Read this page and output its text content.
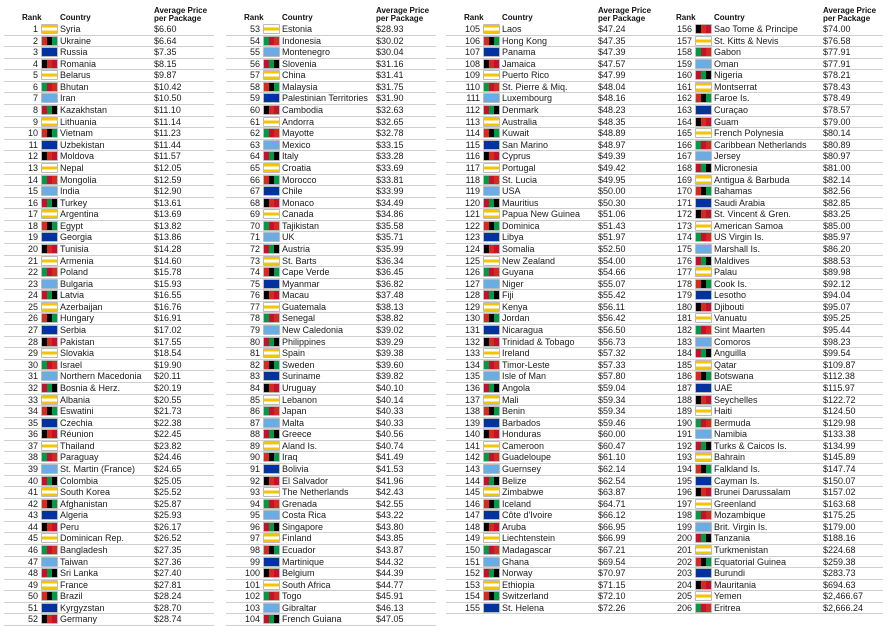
Rank Country
Average Price
per Package
1 Syria	$6.60
2 Ukraine	$6.64
3 Russia	$7.35
4 Romania	$8.15
5 Belarus	$9.87
6 Bhutan	$10.42
7 Iran	$10.50
8 Kazakhstan	$11.10
9 Lithuania	$11.14
10 Vietnam	$11.23
11 Uzbekistan	$11.44
12 Moldova	$11.57
13 Nepal	$12.05
14 Mongolia	$12.59
15 India	$12.90
16 Turkey	$13.61
17 Argentina	$13.69
18 Egypt	$13.82
19 Georgia	$13.86
20 Tunisia	$14.28
21 Armenia	$14.60
22 Poland	$15.78
23 Bulgaria	$15.93
24 Latvia	$16.55
25 Azerbaijan	$16.76
26 Hungary	$16.91
27 Serbia	$17.02
28 Pakistan	$17.55
29 Slovakia	$18.54
30 Israel	$19.90
31 Northern Macedonia	$20.11
32 Bosnia & Herz.	$20.19
33 Albania	$20.55
34 Eswatini	$21.73
35 Czechia	$22.38
36 Réunion	$22.45
37 Thailand	$23.82
38 Paraguay	$24.46
39 St. Martin (France)	$24.65
40 Colombia	$25.05
41 South Korea	$25.52
42 Afghanistan	$25.87
43 Algeria	$25.93
44 Peru	$26.17
45 Dominican Rep.	$26.52
46 Bangladesh	$27.35
47 Taiwan	$27.36
48 Sri Lanka	$27.40
49 France	$27.81
50 Brazil	$28.24
51 Kyrgyzstan	$28.70
52 Germany	$28.74
Rank Country
Average Price
per Package
53 Estonia	$28.93
54 Indonesia	$30.02
55 Montenegro	$30.04
56 Slovenia	$31.16
57 China	$31.41
58 Malaysia	$31.75
59 Palestinian Territories $31.90
60 Cambodia	$32.63
61 Andorra	$32.65
62 Mayotte	$32.78
63 Mexico	$33.15
64 Italy	$33.28
65 Croatia	$33.69
66 Morocco	$33.81
67 Chile	$33.99
68 Monaco	$34.49
69 Canada	$34.86
70 Tajikistan	$35.58
71 UK	$35.71
72 Austria	$35.99
73 St. Barts	$36.34
74 Cape Verde	$36.45
75 Myanmar	$36.82
76 Macau	$37.48
77 Guatemala	$38.13
78 Senegal	$38.82
79 New Caledonia	$39.02
80 Philippines	$39.29
81 Spain	$39.38
82 Sweden	$39.60
83 Suriname	$39.82
84 Uruguay	$40.10
85 Lebanon	$40.14
86 Japan	$40.33
87 Malta	$40.33
88 Greece	$40.56
89 Aland Is.	$40.74
90 Iraq	$41.49
91 Bolivia	$41.53
92 El Salvador	$41.96
93 The Netherlands	$42.43
94 Grenada	$42.55
95 Costa Rica	$43.22
96 Singapore	$43.80
97 Finland	$43.85
98 Ecuador	$43.87
99 Martinique	$44.32
100 Belgium	$44.39
101 South Africa	$44.77
102 Togo	$45.91
103 Gibraltar	$46.13
104 French Guiana	$47.05
Rank Country
Average Price
per Package
105 Laos	$47.24
106 Hong Kong	$47.35
107 Panama	$47.39
108 Jamaica	$47.57
109 Puerto Rico	$47.99
110 St. Pierre & Miq.	$48.04
111 Luxembourg	$48.16
112 Denmark	$48.23
113 Australia	$48.35
114 Kuwait	$48.89
115 San Marino	$48.97
116 Cyprus	$49.39
117 Portugal	$49.42
118 St. Lucia	$49.95
119 USA	$50.00
120 Mauritius	$50.30
121 Papua New Guinea	$51.06
122 Dominica	$51.43
123 Libya	$51.97
124 Somalia	$52.50
125 New Zealand	$54.00
126 Guyana	$54.66
127 Niger	$55.07
128 Fiji	$55.42
129 Kenya	$56.11
130 Jordan	$56.42
131 Nicaragua	$56.50
132 Trinidad & Tobago	$56.73
133 Ireland	$57.32
134 Timor-Leste	$57.33
135 Isle of Man	$57.80
136 Angola	$59.04
137 Mali	$59.34
138 Benin	$59.34
139 Barbados	$59.46
140 Honduras	$60.00
141 Cameroon	$60.47
142 Guadeloupe	$61.10
143 Guernsey	$62.14
144 Belize	$62.54
145 Zimbabwe	$63.87
146 Iceland	$64.71
147 Côte d'Ivoire	$66.12
148 Aruba	$66.95
149 Liechtenstein	$66.99
150 Madagascar	$67.21
151 Ghana	$69.54
152 Norway	$70.97
153 Ethiopia	$71.15
154 Switzerland	$72.10
155 St. Helena	$72.26
Rank Country
Average Price
per Package
156 Sao Tome & Principe	$74.00
157 St. Kitts & Nevis	$76.58
158 Gabon	$77.91
159 Oman	$77.91
160 Nigeria	$78.21
161 Montserrat	$78.43
162 Faroe Is.	$78.49
163 Curaçao	$78.57
164 Guam	$79.00
165 French Polynesia	$80.14
166 Caribbean Netherlands	$80.89
167 Jersey	$80.97
168 Micronesia	$81.00
169 Antigua & Barbuda	$82.14
170 Bahamas	$82.56
171 Saudi Arabia	$82.85
172 St. Vincent & Gren.	$83.25
173 American Samoa	$85.00
174 US Virgin Is.	$85.97
175 Marshall Is.	$86.20
176 Maldives	$88.53
177 Palau	$89.98
178 Cook Is.	$92.12
179 Lesotho	$94.04
180 Djibouti	$95.07
181 Vanuatu	$95.25
182 Sint Maarten	$95.44
183 Comoros	$98.23
184 Anguilla	$99.54
185 Qatar	$109.87
186 Botswana	$112.38
187 UAE	$115.97
188 Seychelles	$122.72
189 Haiti	$124.50
190 Bermuda	$129.98
191 Namibia	$133.38
192 Turks & Caicos Is.	$134.99
193 Bahrain	$145.89
194 Falkland Is.	$147.74
195 Cayman Is.	$150.07
196 Brunei Darussalam	$157.02
197 Greenland	$163.68
198 Mozambique	$175.25
199 Brit. Virgin Is.	$179.00
200 Tanzania	$188.16
201 Turkmenistan	$224.68
202 Equatorial Guinea	$259.38
203 Burundi	$283.73
204 Mauritania	$694.63
205 Yemen	$2,466.67
206 Eritrea	$2,666.24
